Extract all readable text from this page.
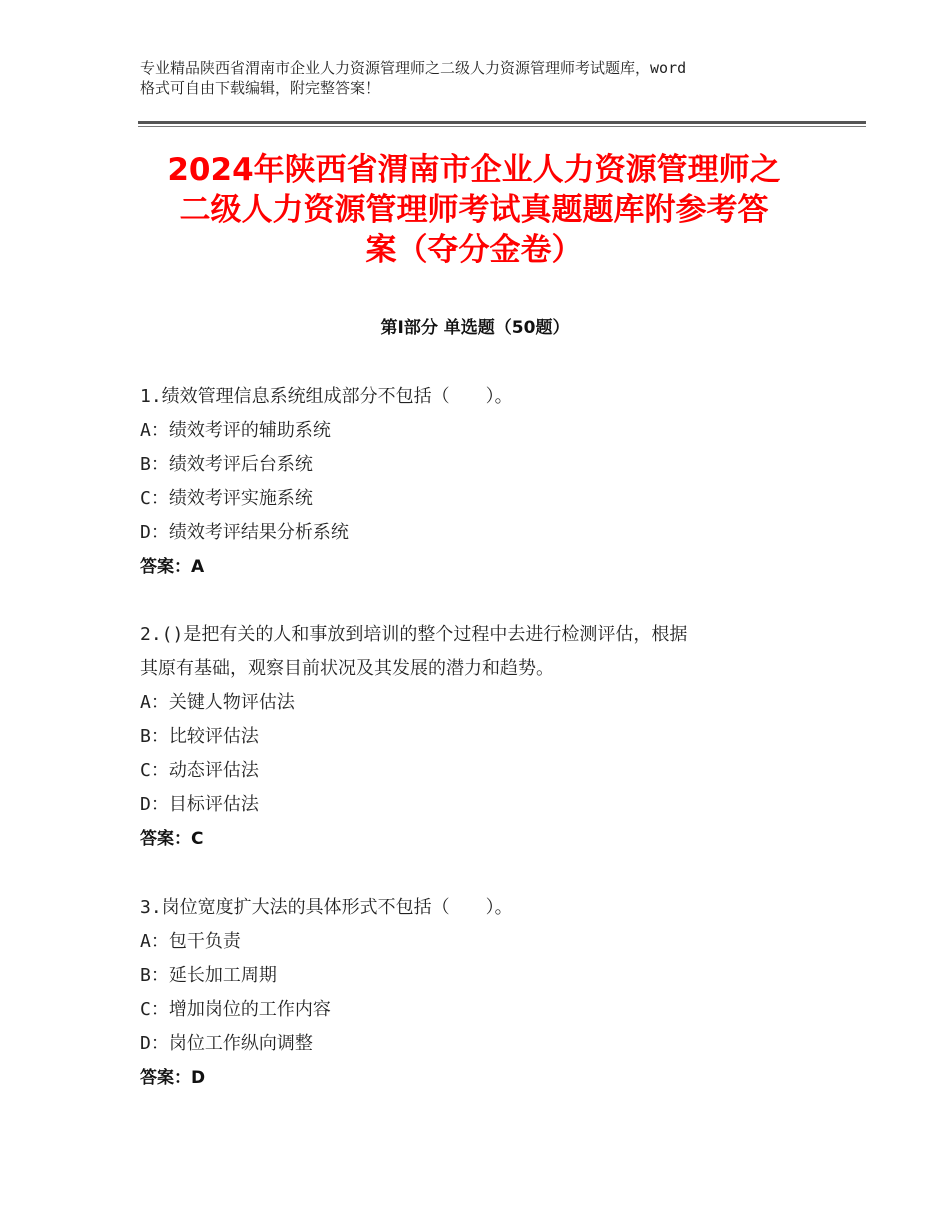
专业精品陕西省渭南市企业人力资源管理师之二级人力资源管理师考试题库，word
格式可自由下载编辑，附完整答案！
2024年陕西省渭南市企业人力资源管理师之
二级人力资源管理师考试真题题库附参考答
案（夺分金卷）
第Ⅰ部分 单选题（50题）

1.绩效管理信息系统组成部分不包括（　　）。

A：绩效考评的辅助系统

B：绩效考评后台系统

C：绩效考评实施系统

D：绩效考评结果分析系统

答案：A

2.()是把有关的人和事放到培训的整个过程中去进行检测评估，根据

其原有基础，观察目前状况及其发展的潜力和趋势。

A：关键人物评估法

B：比较评估法

C：动态评估法

D：目标评估法

答案：C

3.岗位宽度扩大法的具体形式不包括（　　）。

A：包干负责

B：延长加工周期

C：增加岗位的工作内容

D：岗位工作纵向调整

答案：D
